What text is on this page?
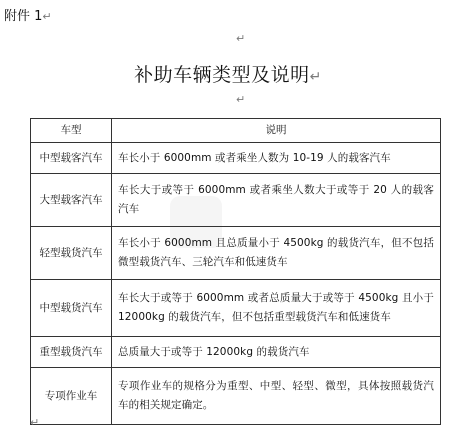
附件 1↵
↵
补助车辆类型及说明↵
↵
车型	说明
中型载客汽车	车长小于 6000mm 或者乘坐人数为 10-19 人的载客汽车
大型载客汽车	车长大于或等于 6000mm 或者乘坐人数大于或等于 20 人的载客汽车
轻型载货汽车	车长小于 6000mm 且总质量小于 4500kg 的载货汽车，但不包括微型载货汽车、三轮汽车和低速货车
中型载货汽车	车长大于或等于 6000mm 或者总质量大于或等于 4500kg 且小于 12000kg 的载货汽车，但不包括重型载货汽车和低速货车
重型载货汽车	总质量大于或等于 12000kg 的载货汽车
专项作业车	专项作业车的规格分为重型、中型、轻型、微型，具体按照载货汽车的相关规定确定。
↵
